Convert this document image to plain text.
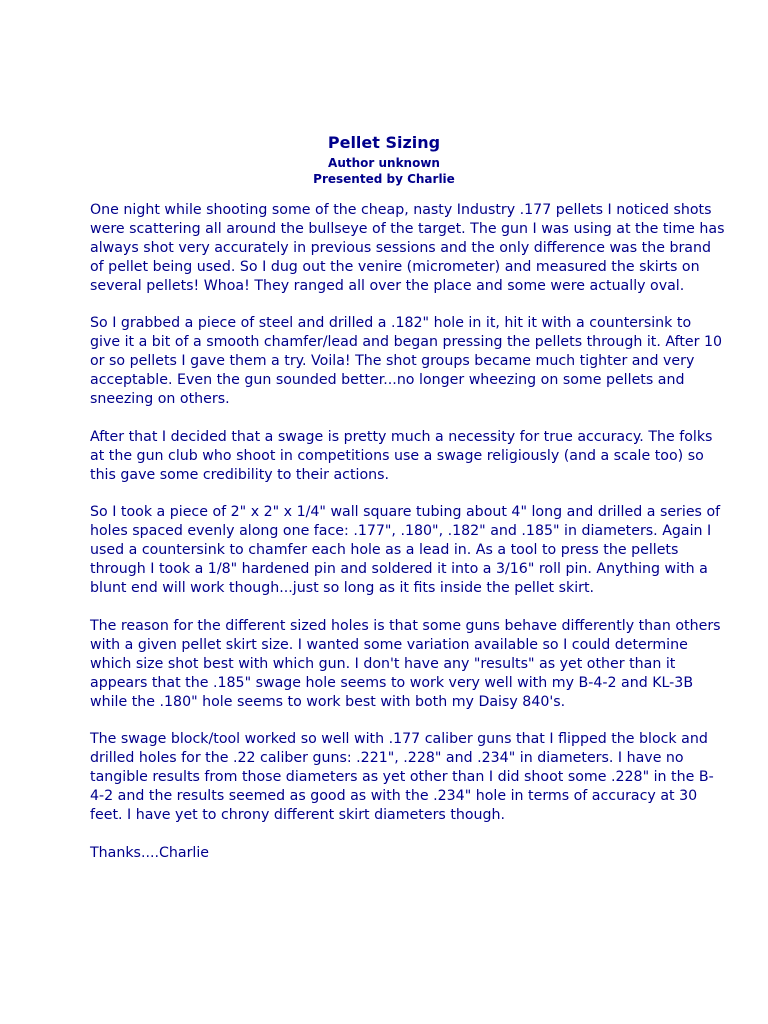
Pellet Sizing
Author unknown
Presented by Charlie

One night while shooting some of the cheap, nasty Industry .177 pellets I noticed shots were scattering all around the bullseye of the target. The gun I was using at the time has always shot very accurately in previous sessions and the only difference was the brand of pellet being used. So I dug out the venire (micrometer) and measured the skirts on several pellets! Whoa! They ranged all over the place and some were actually oval.

So I grabbed a piece of steel and drilled a .182" hole in it, hit it with a countersink to give it a bit of a smooth chamfer/lead and began pressing the pellets through it. After 10 or so pellets I gave them a try. Voila! The shot groups became much tighter and very acceptable. Even the gun sounded better...no longer wheezing on some pellets and sneezing on others.

After that I decided that a swage is pretty much a necessity for true accuracy. The folks at the gun club who shoot in competitions use a swage religiously (and a scale too) so this gave some credibility to their actions.

So I took a piece of 2" x 2" x 1/4" wall square tubing about 4" long and drilled a series of holes spaced evenly along one face: .177", .180", .182" and .185" in diameters. Again I used a countersink to chamfer each hole as a lead in. As a tool to press the pellets through I took a 1/8" hardened pin and soldered it into a 3/16" roll pin. Anything with a blunt end will work though...just so long as it fits inside the pellet skirt.

The reason for the different sized holes is that some guns behave differently than others with a given pellet skirt size. I wanted some variation available so I could determine which size shot best with which gun. I don't have any "results" as yet other than it appears that the .185" swage hole seems to work very well with my B-4-2 and KL-3B while the .180" hole seems to work best with both my Daisy 840's.

The swage block/tool worked so well with .177 caliber guns that I flipped the block and drilled holes for the .22 caliber guns: .221", .228" and .234" in diameters. I have no tangible results from those diameters as yet other than I did shoot some .228" in the B-4-2 and the results seemed as good as with the .234" hole in terms of accuracy at 30 feet. I have yet to chrony different skirt diameters though.

Thanks....Charlie
